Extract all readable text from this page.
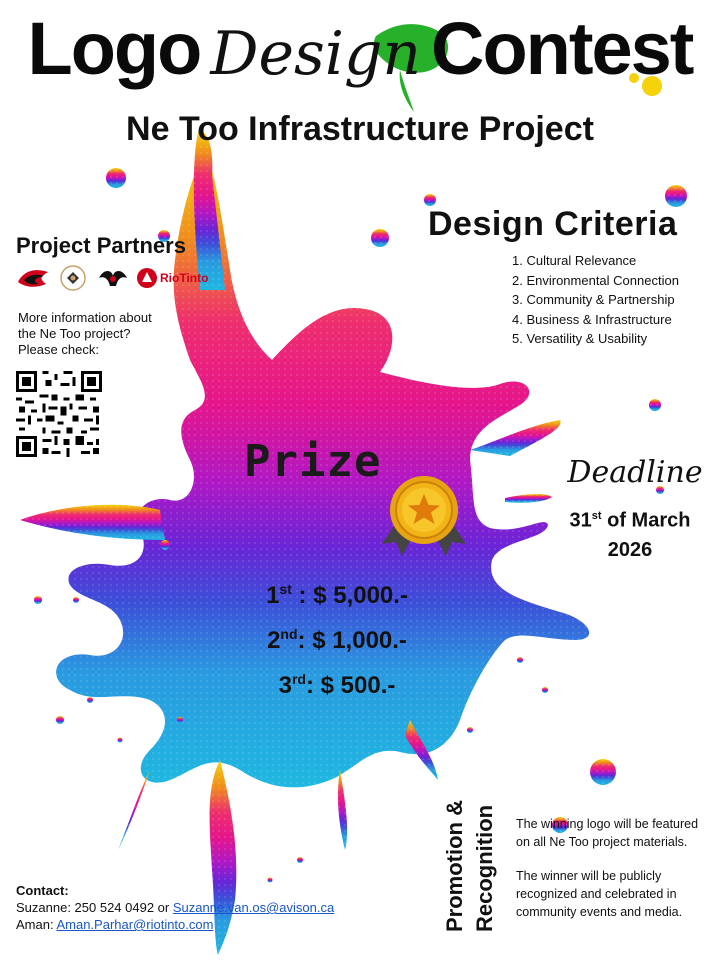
Logo Design Contest
Ne Too Infrastructure Project
Project Partners
RioTinto
More information about
the Ne Too project?
Please check:
Design Criteria
1. Cultural Relevance
2. Environmental Connection
3. Community & Partnership
4. Business & Infrastructure
5. Versatility & Usability
Prize
1st : $ 5,000.-
2nd: $ 1,000.-
3rd: $ 500.-
Deadline
31st of March
2026
Promotion & Recognition The winning logo will be featured on all Ne Too project materials.

The winner will be publicly recognized and celebrated in community events and media.

Contact:
Suzanne: 250 524 0492 or Suzanne.van.os@avison.ca
Aman: Aman.Parhar@riotinto.com
